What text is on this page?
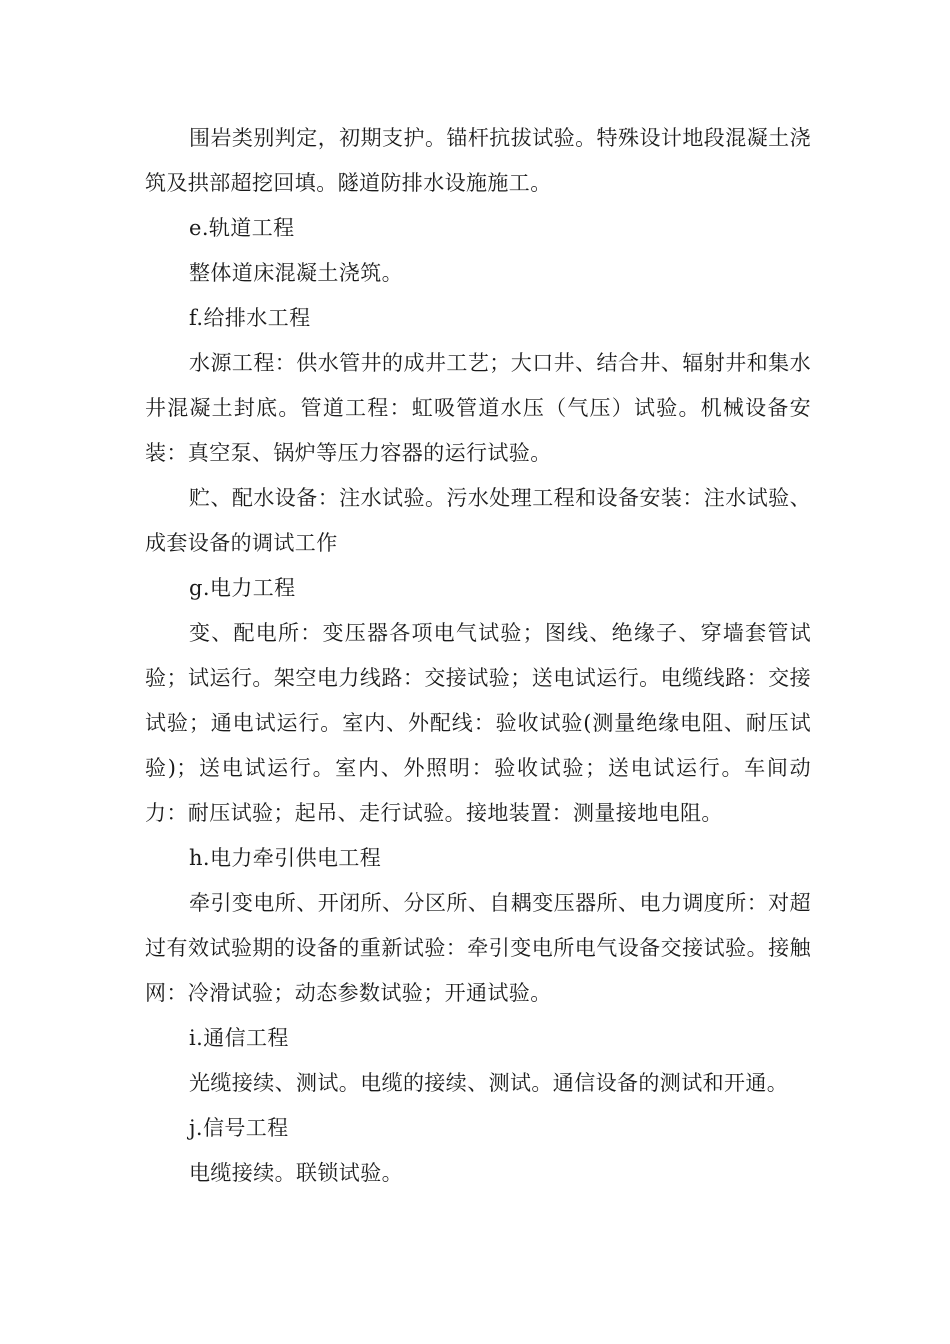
围岩类别判定，初期支护。锚杆抗拔试验。特殊设计地段混凝土浇筑及拱部超挖回填。隧道防排水设施施工。

e.轨道工程

整体道床混凝土浇筑。

f.给排水工程

水源工程：供水管井的成井工艺；大口井、结合井、辐射井和集水井混凝土封底。管道工程：虹吸管道水压（气压）试验。机械设备安装：真空泵、锅炉等压力容器的运行试验。

贮、配水设备：注水试验。污水处理工程和设备安装：注水试验、成套设备的调试工作

g.电力工程

变、配电所：变压器各项电气试验；图线、绝缘子、穿墙套管试验；试运行。架空电力线路：交接试验；送电试运行。电缆线路：交接试验；通电试运行。室内、外配线：验收试验(测量绝缘电阻、耐压试验)；送电试运行。室内、外照明：验收试验；送电试运行。车间动力：耐压试验；起吊、走行试验。接地装置：测量接地电阻。

h.电力牵引供电工程

牵引变电所、开闭所、分区所、自耦变压器所、电力调度所：对超过有效试验期的设备的重新试验：牵引变电所电气设备交接试验。接触网：冷滑试验；动态参数试验；开通试验。

i.通信工程

光缆接续、测试。电缆的接续、测试。通信设备的测试和开通。

j.信号工程

电缆接续。联锁试验。
